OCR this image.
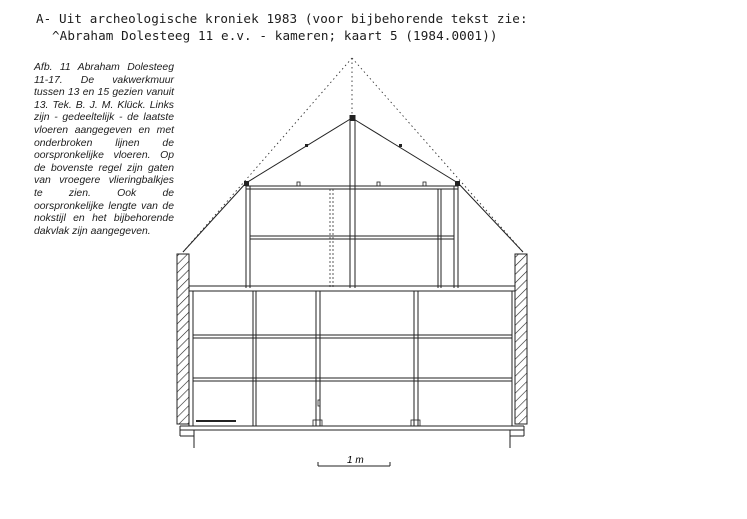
A- Uit archeologische kroniek 1983 (voor bijbehorende tekst zie:
^Abraham Dolesteeg 11 e.v. - kameren; kaart 5 (1984.0001))
Afb. 11 Abraham Dolesteeg 11-17. De vakwerkmuur tussen 13 en 15 gezien vanuit 13. Tek. B. J. M. Klück. Links zijn - gedeeltelijk - de laatste vloeren aangegeven en met onderbroken lijnen de oorspronkelijke vloeren. Op de bovenste regel zijn gaten van vroegere vlieringbalkjes te zien. Ook de oorspronkelijke lengte van de nokstijl en het bijbehorende dakvlak zijn aangegeven.
1 m
